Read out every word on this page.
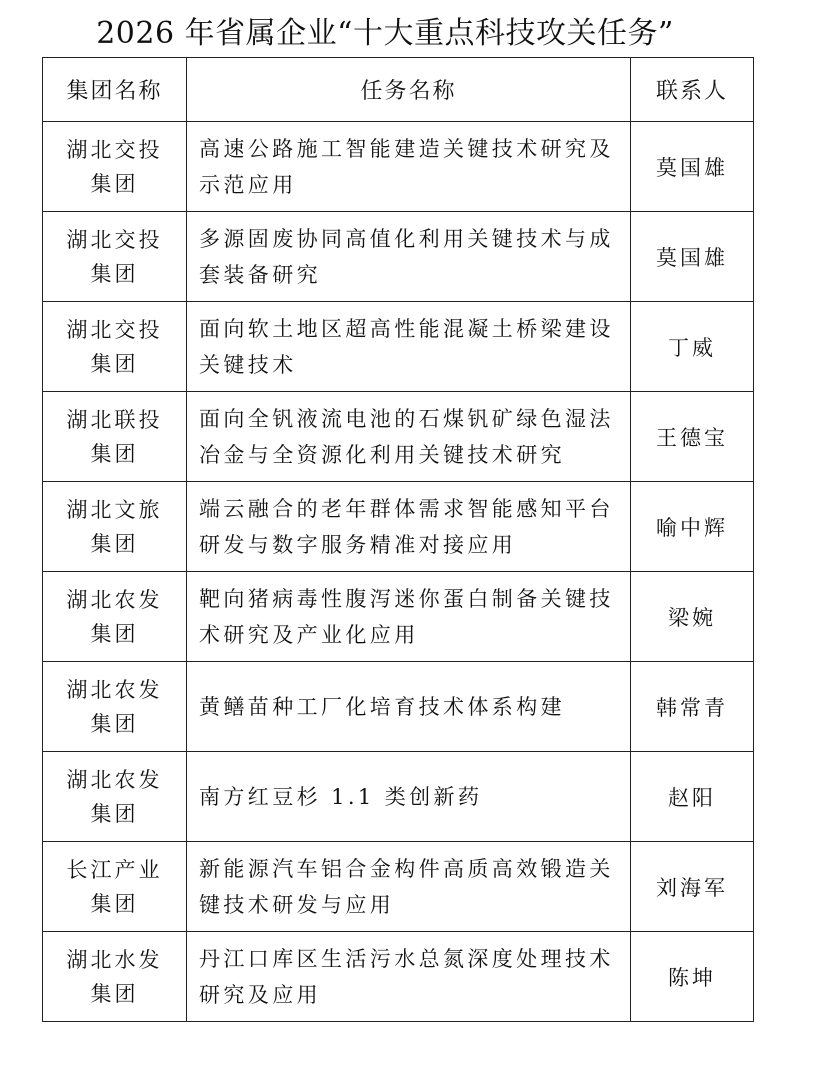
2026 年省属企业“十大重点科技攻关任务”
集团名称	任务名称	联系人
湖北交投集团	高速公路施工智能建造关键技术研究及示范应用	莫国雄
湖北交投集团	多源固废协同高值化利用关键技术与成套装备研究	莫国雄
湖北交投集团	面向软土地区超高性能混凝土桥梁建设关键技术	丁威
湖北联投集团	面向全钒液流电池的石煤钒矿绿色湿法冶金与全资源化利用关键技术研究	王德宝
湖北文旅集团	端云融合的老年群体需求智能感知平台研发与数字服务精准对接应用	喻中辉
湖北农发集团	靶向猪病毒性腹泻迷你蛋白制备关键技术研究及产业化应用	梁婉
湖北农发集团	黄鳝苗种工厂化培育技术体系构建	韩常青
湖北农发集团	南方红豆杉 1.1 类创新药	赵阳
长江产业集团	新能源汽车铝合金构件高质高效锻造关键技术研发与应用	刘海军
湖北水发集团	丹江口库区生活污水总氮深度处理技术研究及应用	陈坤
